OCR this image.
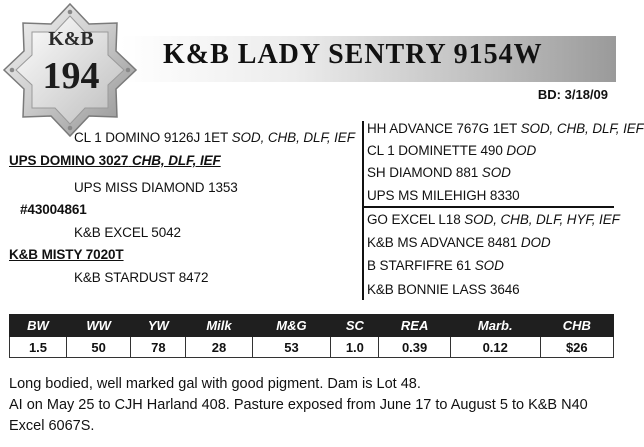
K&B LADY SENTRY 9154W
BD: 3/18/09
K&B
194
CL 1 DOMINO 9126J 1ET SOD, CHB, DLF, IEF
UPS DOMINO 3027 CHB, DLF, IEF
UPS MISS DIAMOND 1353
#43004861
K&B EXCEL 5042
K&B MISTY 7020T
K&B STARDUST 8472
HH ADVANCE 767G 1ET SOD, CHB, DLF, IEF
CL 1 DOMINETTE 490 DOD
SH DIAMOND 881 SOD
UPS MS MILEHIGH 8330
GO EXCEL L18 SOD, CHB, DLF, HYF, IEF
K&B MS ADVANCE 8481 DOD
B STARFIFRE 61 SOD
K&B BONNIE LASS 3646
BW	WW	YW	Milk	M&G	SC	REA	Marb.	CHB
1.5	50	78	28	53	1.0	0.39	0.12	$26
Long bodied, well marked gal with good pigment. Dam is Lot 48.
AI on May 25 to CJH Harland 408. Pasture exposed from June 17 to August 5 to K&B N40 Excel 6067S.
